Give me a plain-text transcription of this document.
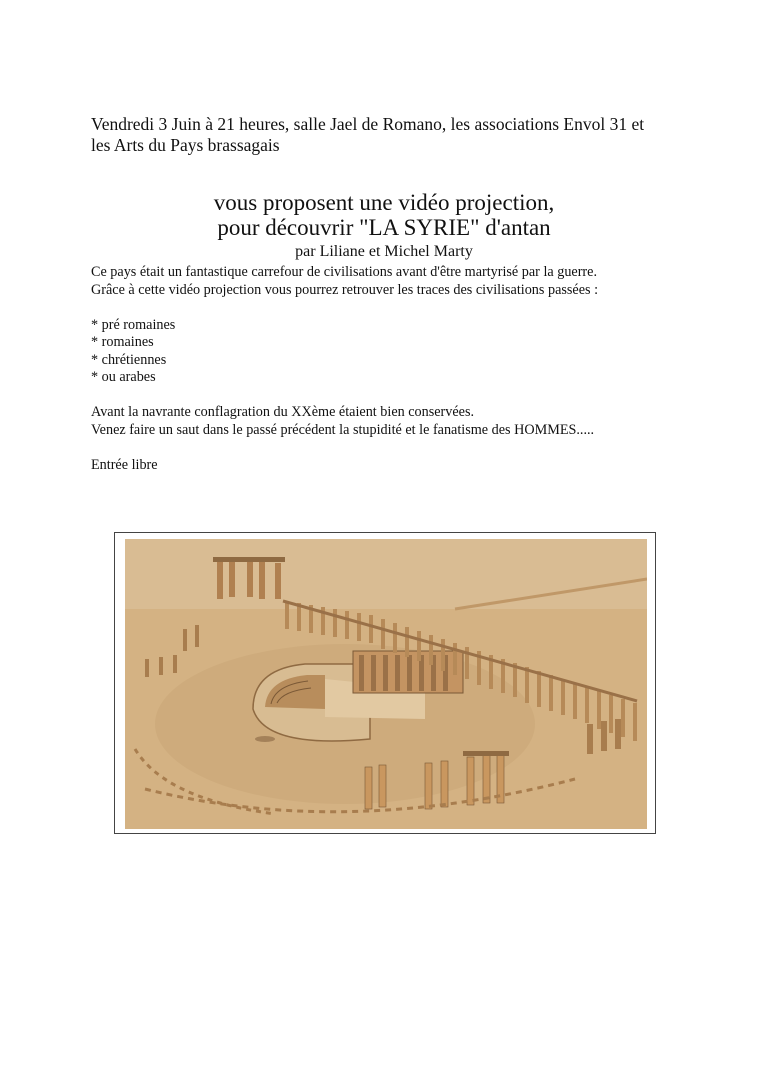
Vendredi 3 Juin à 21 heures, salle Jael de Romano, les associations Envol 31 et
les Arts du Pays brassagais
vous proposent une vidéo projection,
pour découvrir "LA SYRIE" d'antan
par Liliane et Michel Marty

Ce pays était un fantastique carrefour de civilisations avant d'être martyrisé par la guerre.

Grâce à cette vidéo projection vous pourrez retrouver les traces des civilisations passées :

* pré romaines
* romaines
* chrétiennes
* ou arabes

Avant la navrante conflagration du XXème étaient bien conservées.

Venez faire un saut dans le passé précédent la stupidité et le fanatisme des HOMMES.....

Entrée libre
